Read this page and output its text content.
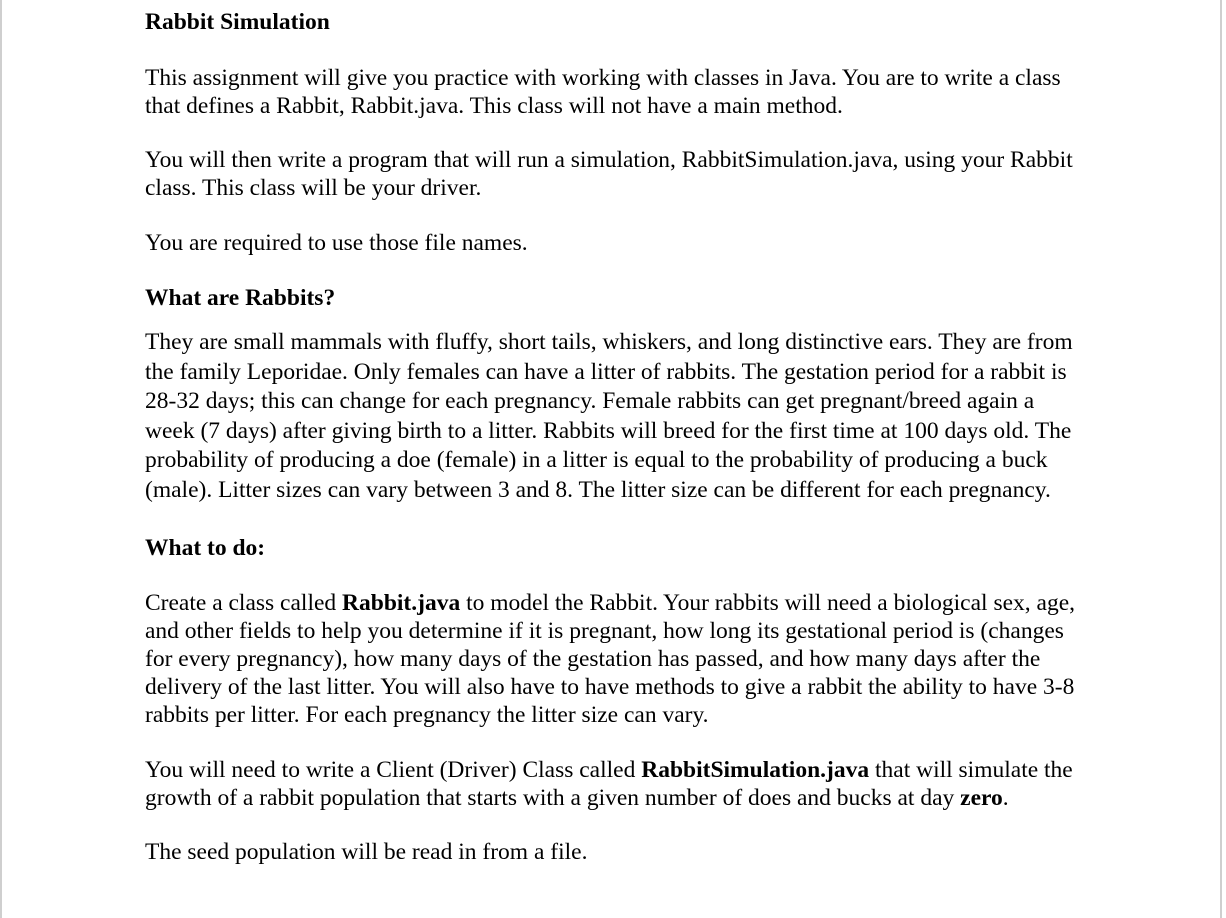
Rabbit Simulation

This assignment will give you practice with working with classes in Java. You are to write a class that defines a Rabbit, Rabbit.java. This class will not have a main method.

You will then write a program that will run a simulation, RabbitSimulation.java, using your Rabbit class. This class will be your driver.

You are required to use those file names.

What are Rabbits?

They are small mammals with fluffy, short tails, whiskers, and long distinctive ears. They are from the family Leporidae. Only females can have a litter of rabbits. The gestation period for a rabbit is 28-32 days; this can change for each pregnancy. Female rabbits can get pregnant/breed again a week (7 days) after giving birth to a litter. Rabbits will breed for the first time at 100 days old. The probability of producing a doe (female) in a litter is equal to the probability of producing a buck (male). Litter sizes can vary between 3 and 8. The litter size can be different for each pregnancy.

What to do:

Create a class called Rabbit.java to model the Rabbit. Your rabbits will need a biological sex, age, and other fields to help you determine if it is pregnant, how long its gestational period is (changes for every pregnancy), how many days of the gestation has passed, and how many days after the delivery of the last litter. You will also have to have methods to give a rabbit the ability to have 3-8 rabbits per litter. For each pregnancy the litter size can vary.

You will need to write a Client (Driver) Class called RabbitSimulation.java that will simulate the growth of a rabbit population that starts with a given number of does and bucks at day zero.

The seed population will be read in from a file.
